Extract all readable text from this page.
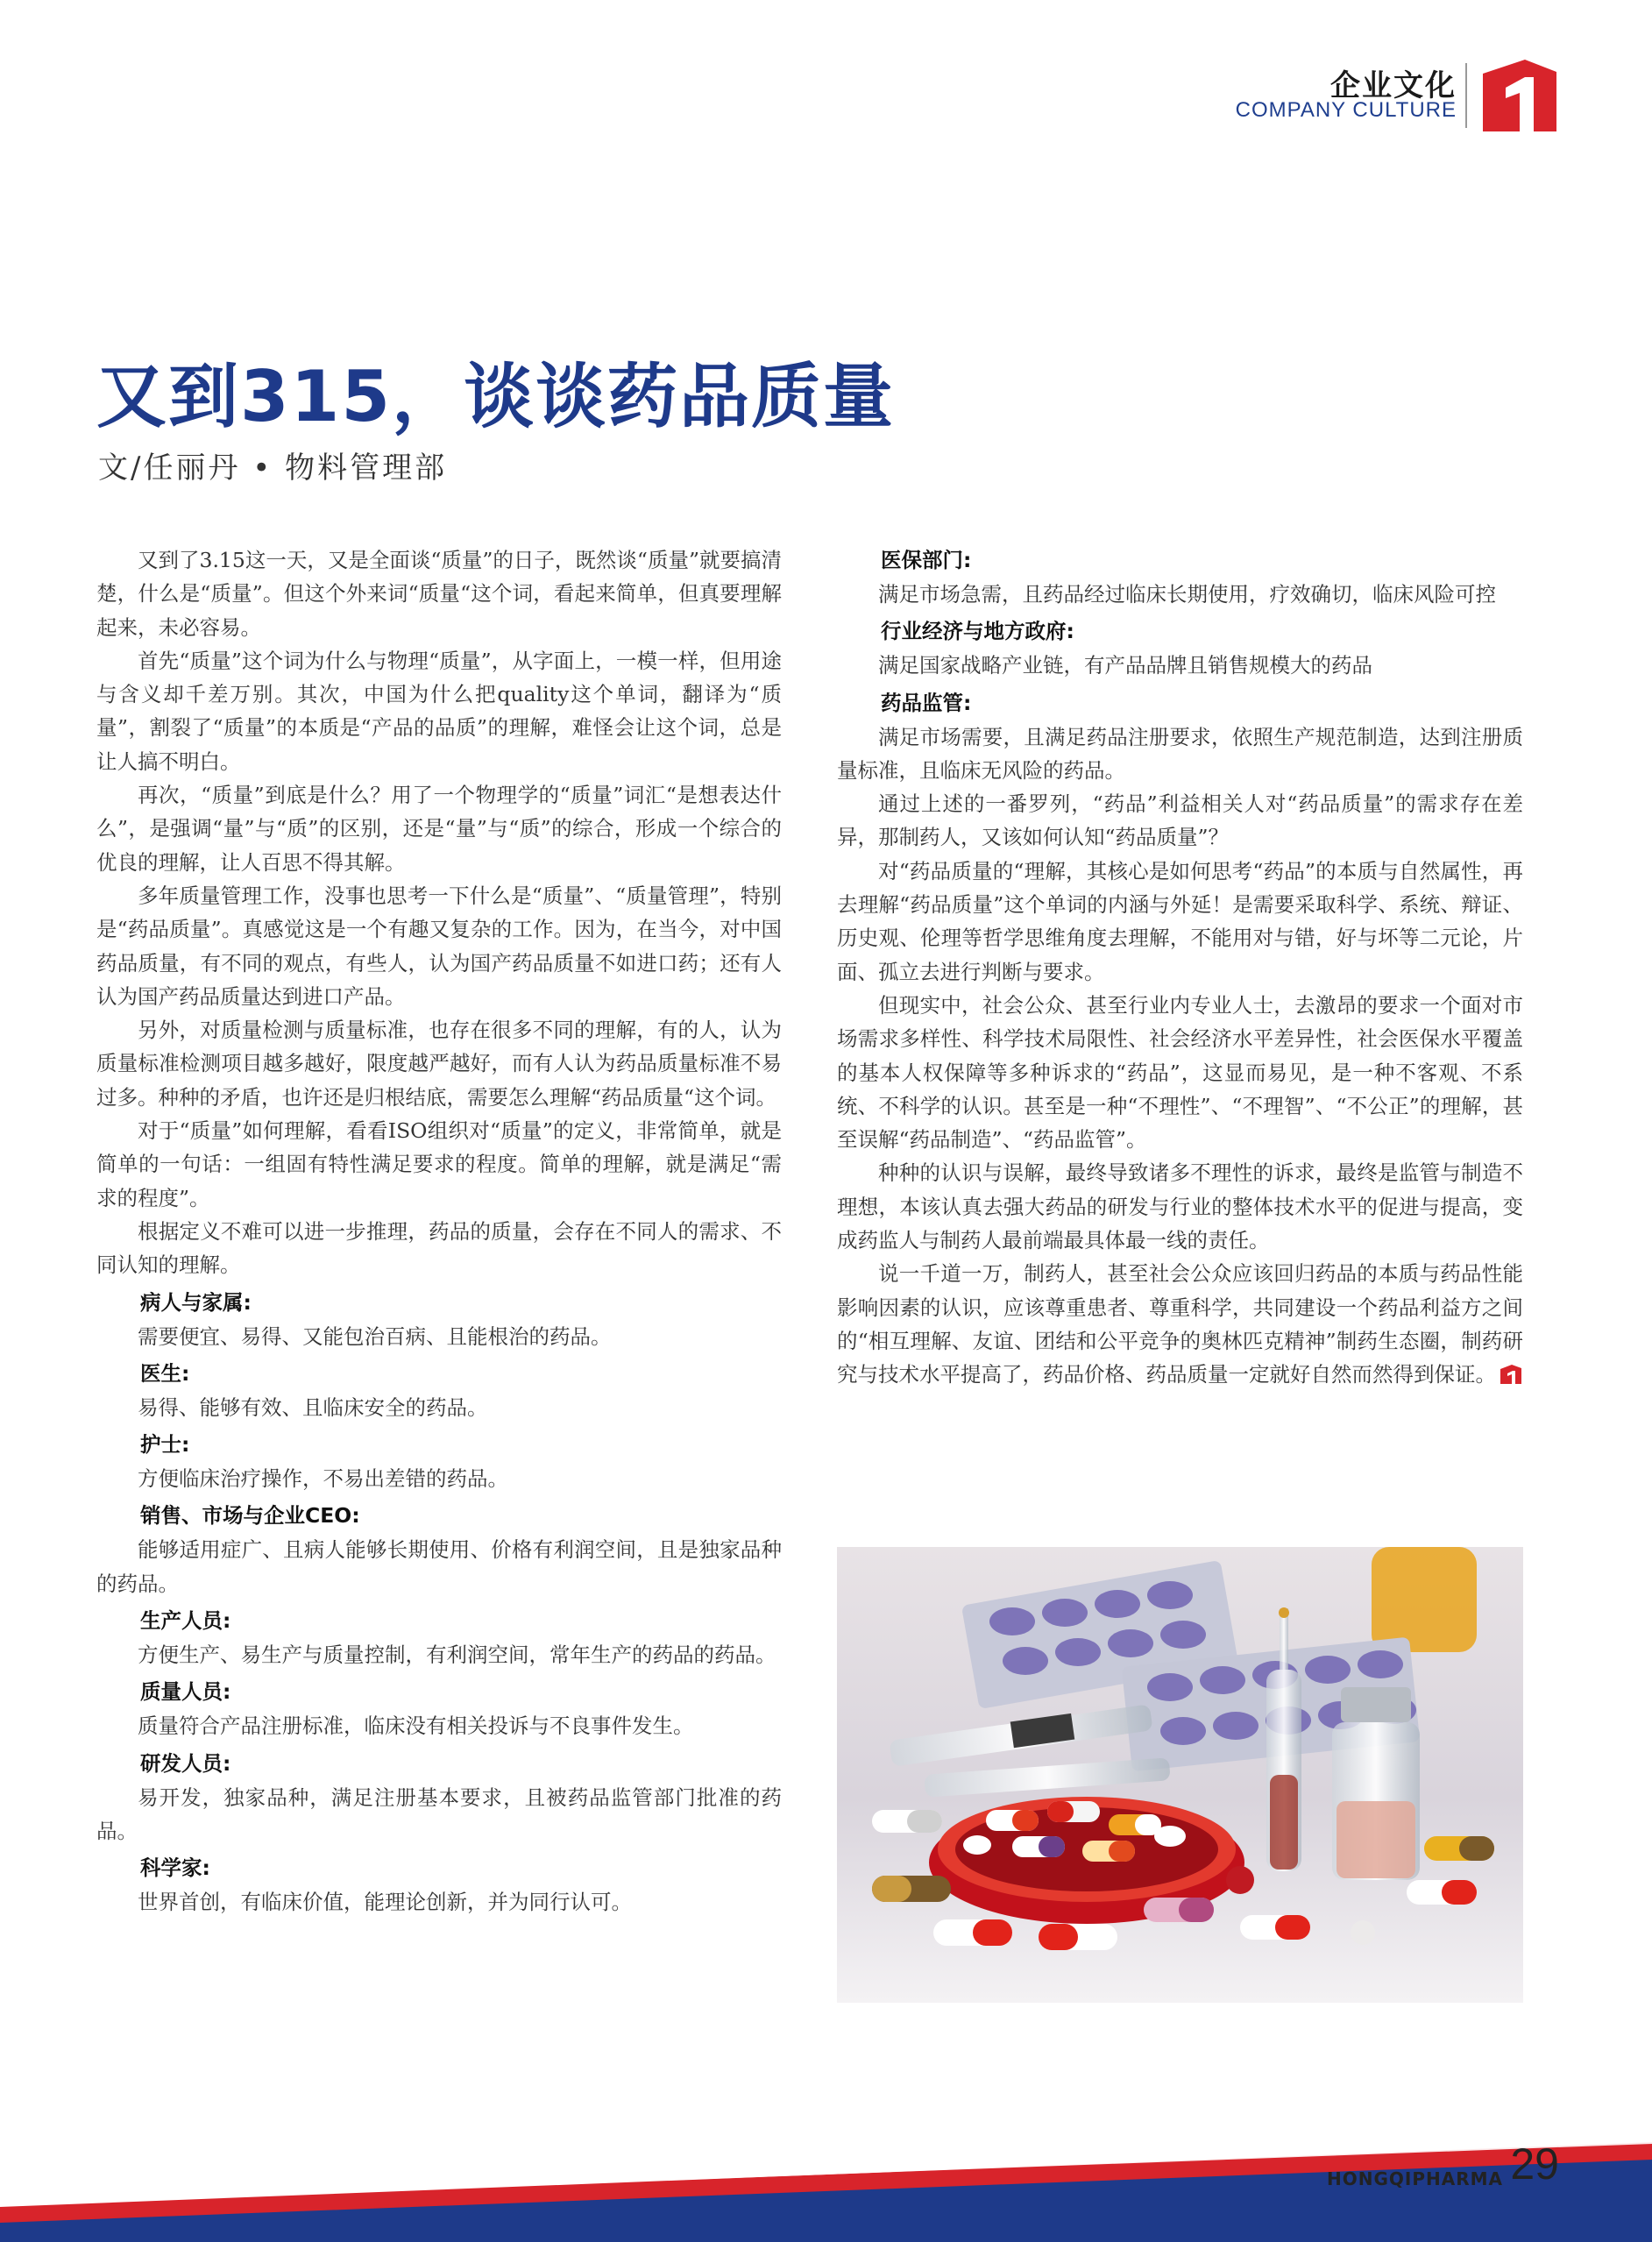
企业文化
COMPANY CULTURE
又到315，谈谈药品质量
文/任丽丹 • 物料管理部

又到了3.15这一天，又是全面谈“质量”的日子，既然谈“质量”就要搞清楚，什么是“质量”。但这个外来词“质量“这个词，看起来简单，但真要理解起来，未必容易。

首先“质量”这个词为什么与物理“质量”，从字面上，一模一样，但用途与含义却千差万别。其次，中国为什么把quality这个单词，翻译为“质量”，割裂了“质量”的本质是“产品的品质”的理解，难怪会让这个词，总是让人搞不明白。

再次，“质量”到底是什么？用了一个物理学的“质量”词汇“是想表达什么”，是强调“量”与“质”的区别，还是“量”与“质”的综合，形成一个综合的优良的理解，让人百思不得其解。

多年质量管理工作，没事也思考一下什么是“质量”、“质量管理”，特别是“药品质量”。真感觉这是一个有趣又复杂的工作。因为，在当今，对中国药品质量，有不同的观点，有些人，认为国产药品质量不如进口药；还有人认为国产药品质量达到进口产品。

另外，对质量检测与质量标准，也存在很多不同的理解，有的人，认为质量标准检测项目越多越好，限度越严越好，而有人认为药品质量标准不易过多。种种的矛盾，也许还是归根结底，需要怎么理解“药品质量“这个词。

对于“质量”如何理解，看看ISO组织对“质量”的定义，非常简单，就是简单的一句话：一组固有特性满足要求的程度。简单的理解，就是满足“需求的程度”。

根据定义不难可以进一步推理，药品的质量，会存在不同人的需求、不同认知的理解。

病人与家属:

需要便宜、易得、又能包治百病、且能根治的药品。

医生:

易得、能够有效、且临床安全的药品。

护士:

方便临床治疗操作，不易出差错的药品。

销售、市场与企业CEO:

能够适用症广、且病人能够长期使用、价格有利润空间，且是独家品种的药品。

生产人员:

方便生产、易生产与质量控制，有利润空间，常年生产的药品的药品。

质量人员:

质量符合产品注册标准，临床没有相关投诉与不良事件发生。

研发人员:

易开发，独家品种，满足注册基本要求，且被药品监管部门批准的药品。

科学家:

世界首创，有临床价值，能理论创新，并为同行认可。

医保部门:

满足市场急需，且药品经过临床长期使用，疗效确切，临床风险可控

行业经济与地方政府:

满足国家战略产业链，有产品品牌且销售规模大的药品

药品监管:

满足市场需要，且满足药品注册要求，依照生产规范制造，达到注册质量标准，且临床无风险的药品。

通过上述的一番罗列，“药品”利益相关人对“药品质量”的需求存在差异，那制药人，又该如何认知“药品质量”？

对“药品质量的“理解，其核心是如何思考“药品”的本质与自然属性，再去理解“药品质量”这个单词的内涵与外延！是需要采取科学、系统、辩证、历史观、伦理等哲学思维角度去理解，不能用对与错，好与坏等二元论，片面、孤立去进行判断与要求。

但现实中，社会公众、甚至行业内专业人士，去激昂的要求一个面对市场需求多样性、科学技术局限性、社会经济水平差异性，社会医保水平覆盖的基本人权保障等多种诉求的“药品”，这显而易见，是一种不客观、不系统、不科学的认识。甚至是一种“不理性”、“不理智”、“不公正”的理解，甚至误解“药品制造”、“药品监管”。

种种的认识与误解，最终导致诸多不理性的诉求，最终是监管与制造不理想，本该认真去强大药品的研发与行业的整体技术水平的促进与提高，变成药监人与制药人最前端最具体最一线的责任。

说一千道一万，制药人，甚至社会公众应该回归药品的本质与药品性能影响因素的认识，应该尊重患者、尊重科学，共同建设一个药品利益方之间的“相互理解、友谊、团结和公平竞争的奥林匹克精神”制药生态圈，制药研究与技术水平提高了，药品价格、药品质量一定就好自然而然得到保证。

HONGQIPHARMA 29
